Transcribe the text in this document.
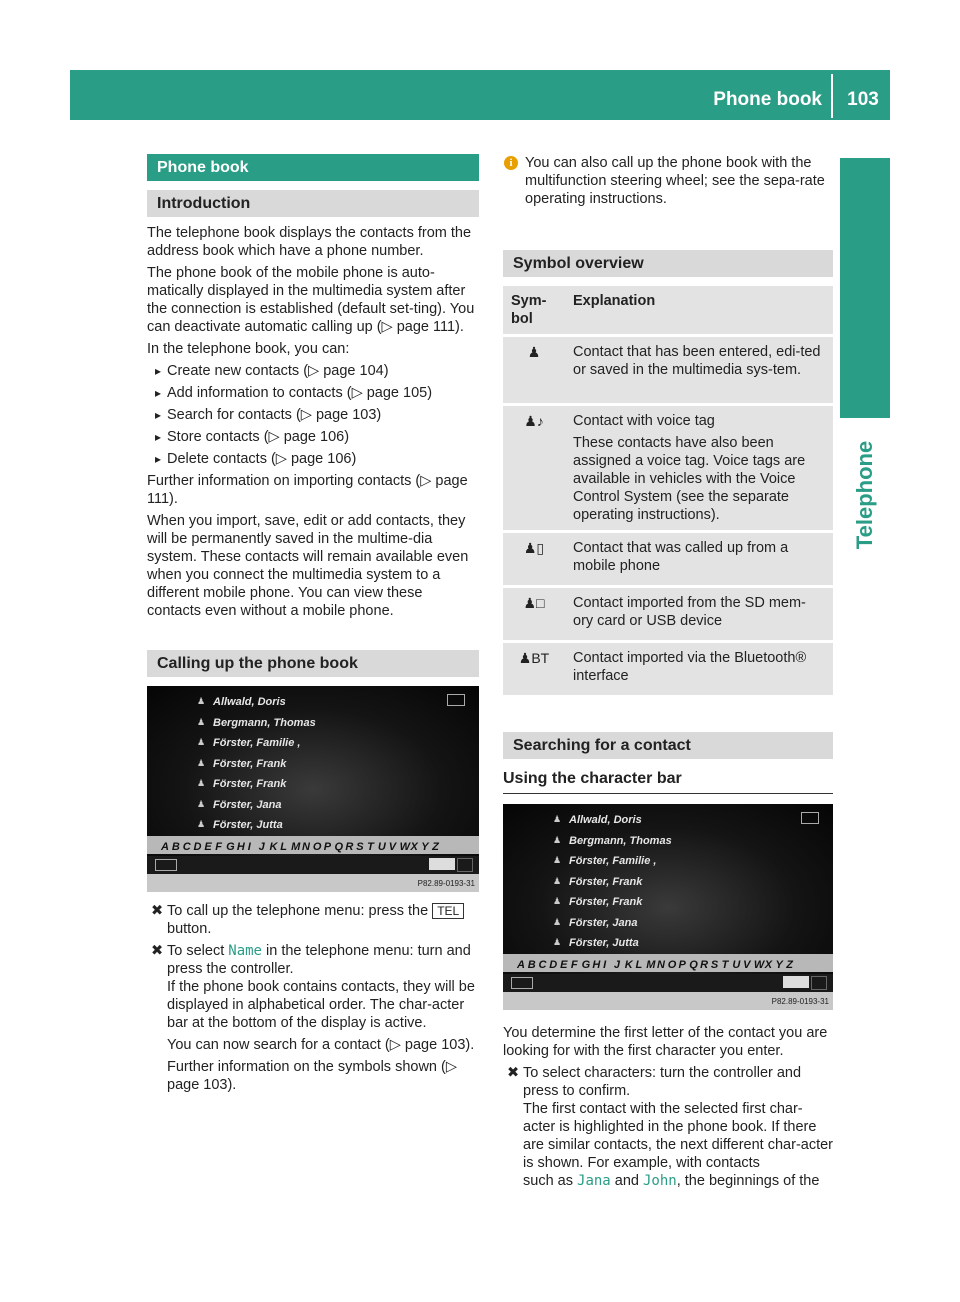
Phone book	103
Telephone
Phone book
Introduction

The telephone book displays the contacts from the address book which have a phone number.

The phone book of the mobile phone is auto-matically displayed in the multimedia system after the connection is established (default set-ting). You can deactivate automatic calling up (▷ page 111).

In the telephone book, you can:

▸ Create new contacts (▷ page 104)
▸ Add information to contacts (▷ page 105)
▸ Search for contacts (▷ page 103)
▸ Store contacts (▷ page 106)
▸ Delete contacts (▷ page 106)

Further information on importing contacts (▷ page 111).

When you import, save, edit or add contacts, they will be permanently saved in the multime-dia system. These contacts will remain available even when you connect the multimedia system to a different mobile phone. You can view these contacts even without a mobile phone.

Calling up the phone book
♟ Allwald, Doris
♟ Bergmann, Thomas
♟ Förster, Familie ,
♟ Förster, Frank
♟ Förster, Frank
♟ Förster, Jana
♟ Förster, Jutta
A B C D E F G H I J K L M N O P Q R S T U V W X Y Z
P82.89-0193-31
✖ To call up the telephone menu: press the TEL button.
✖ To select Name in the telephone menu: turn and press the controller.
If the phone book contains contacts, they will be displayed in alphabetical order. The char-acter bar at the bottom of the display is active.
You can now search for a contact (▷ page 103).
Further information on the symbols shown (▷ page 103).
i You can also call up the phone book with the multifunction steering wheel; see the sepa-rate operating instructions.
Symbol overview
Sym-bol	Explanation
♟	Contact that has been entered, edi-ted or saved in the multimedia sys-tem.
♟♪	Contact with voice tag
These contacts have also been assigned a voice tag. Voice tags are available in vehicles with the Voice Control System (see the separate operating instructions).

♟▯	Contact that was called up from a mobile phone
♟□	Contact imported from the SD mem-ory card or USB device
♟BT	Contact imported via the Bluetooth® interface
Searching for a contact
Using the character bar
♟ Allwald, Doris
♟ Bergmann, Thomas
♟ Förster, Familie ,
♟ Förster, Frank
♟ Förster, Frank
♟ Förster, Jana
♟ Förster, Jutta
A B C D E F G H I J K L M N O P Q R S T U V W X Y Z
P82.89-0193-31

You determine the first letter of the contact you are looking for with the first character you enter.

✖ To select characters: turn the controller and press to confirm.
The first contact with the selected first char-acter is highlighted in the phone book. If there are similar contacts, the next different char-acter is shown. For example, with contacts
such as Jana and John, the beginnings of the
